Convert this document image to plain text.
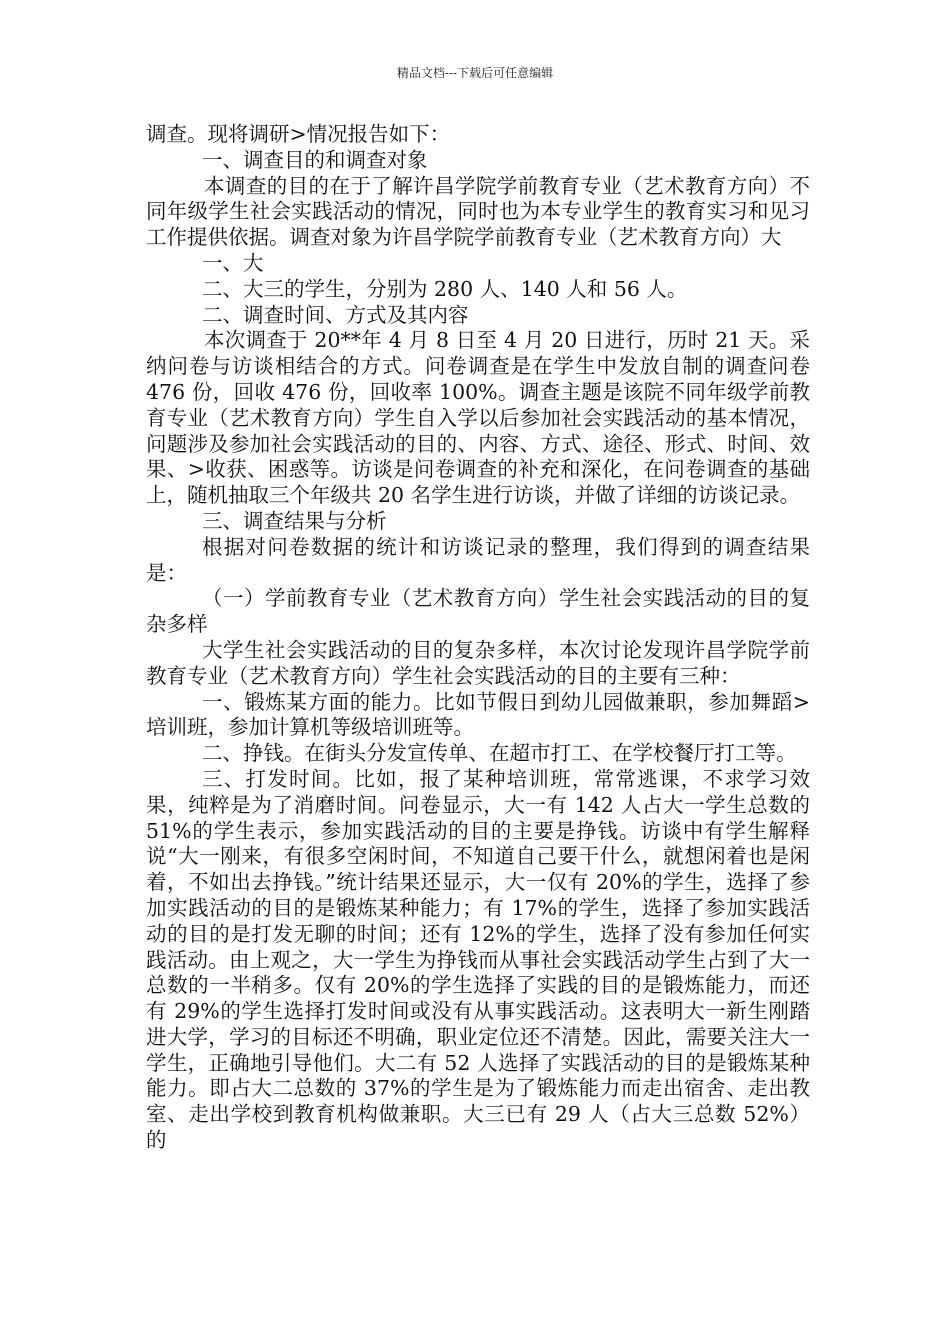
精品文档---下载后可任意编辑

调查。现将调研>情况报告如下：

一、调查目的和调查对象

本调查的目的在于了解许昌学院学前教育专业（艺术教育方向）不同年级学生社会实践活动的情况，同时也为本专业学生的教育实习和见习工作提供依据。调查对象为许昌学院学前教育专业（艺术教育方向）大

一、大

二、大三的学生，分别为 280 人、140 人和 56 人。

二、调查时间、方式及其内容

本次调查于 20**年 4 月 8 日至 4 月 20 日进行，历时 21 天。采纳问卷与访谈相结合的方式。问卷调查是在学生中发放自制的调查问卷 476 份，回收 476 份，回收率 100%。调查主题是该院不同年级学前教育专业（艺术教育方向）学生自入学以后参加社会实践活动的基本情况，问题涉及参加社会实践活动的目的、内容、方式、途径、形式、时间、效果、>收获、困惑等。访谈是问卷调查的补充和深化，在问卷调查的基础上，随机抽取三个年级共 20 名学生进行访谈，并做了详细的访谈记录。

三、调查结果与分析

根据对问卷数据的统计和访谈记录的整理，我们得到的调查结果是：

（一）学前教育专业（艺术教育方向）学生社会实践活动的目的复杂多样

大学生社会实践活动的目的复杂多样，本次讨论发现许昌学院学前教育专业（艺术教育方向）学生社会实践活动的目的主要有三种：

一、锻炼某方面的能力。比如节假日到幼儿园做兼职，参加舞蹈>培训班，参加计算机等级培训班等。

二、挣钱。在街头分发宣传单、在超市打工、在学校餐厅打工等。

三、打发时间。比如，报了某种培训班，常常逃课，不求学习效果，纯粹是为了消磨时间。问卷显示，大一有 142 人占大一学生总数的 51%的学生表示，参加实践活动的目的主要是挣钱。访谈中有学生解释说“大一刚来，有很多空闲时间，不知道自己要干什么，就想闲着也是闲着，不如出去挣钱。”统计结果还显示，大一仅有 20%的学生，选择了参加实践活动的目的是锻炼某种能力；有 17%的学生，选择了参加实践活动的目的是打发无聊的时间；还有 12%的学生，选择了没有参加任何实践活动。由上观之，大一学生为挣钱而从事社会实践活动学生占到了大一总数的一半稍多。仅有 20%的学生选择了实践的目的是锻炼能力，而还有 29%的学生选择打发时间或没有从事实践活动。这表明大一新生刚踏进大学，学习的目标还不明确，职业定位还不清楚。因此，需要关注大一学生，正确地引导他们。大二有 52 人选择了实践活动的目的是锻炼某种能力。即占大二总数的 37%的学生是为了锻炼能力而走出宿舍、走出教室、走出学校到教育机构做兼职。大三已有 29 人（占大三总数 52%）的
